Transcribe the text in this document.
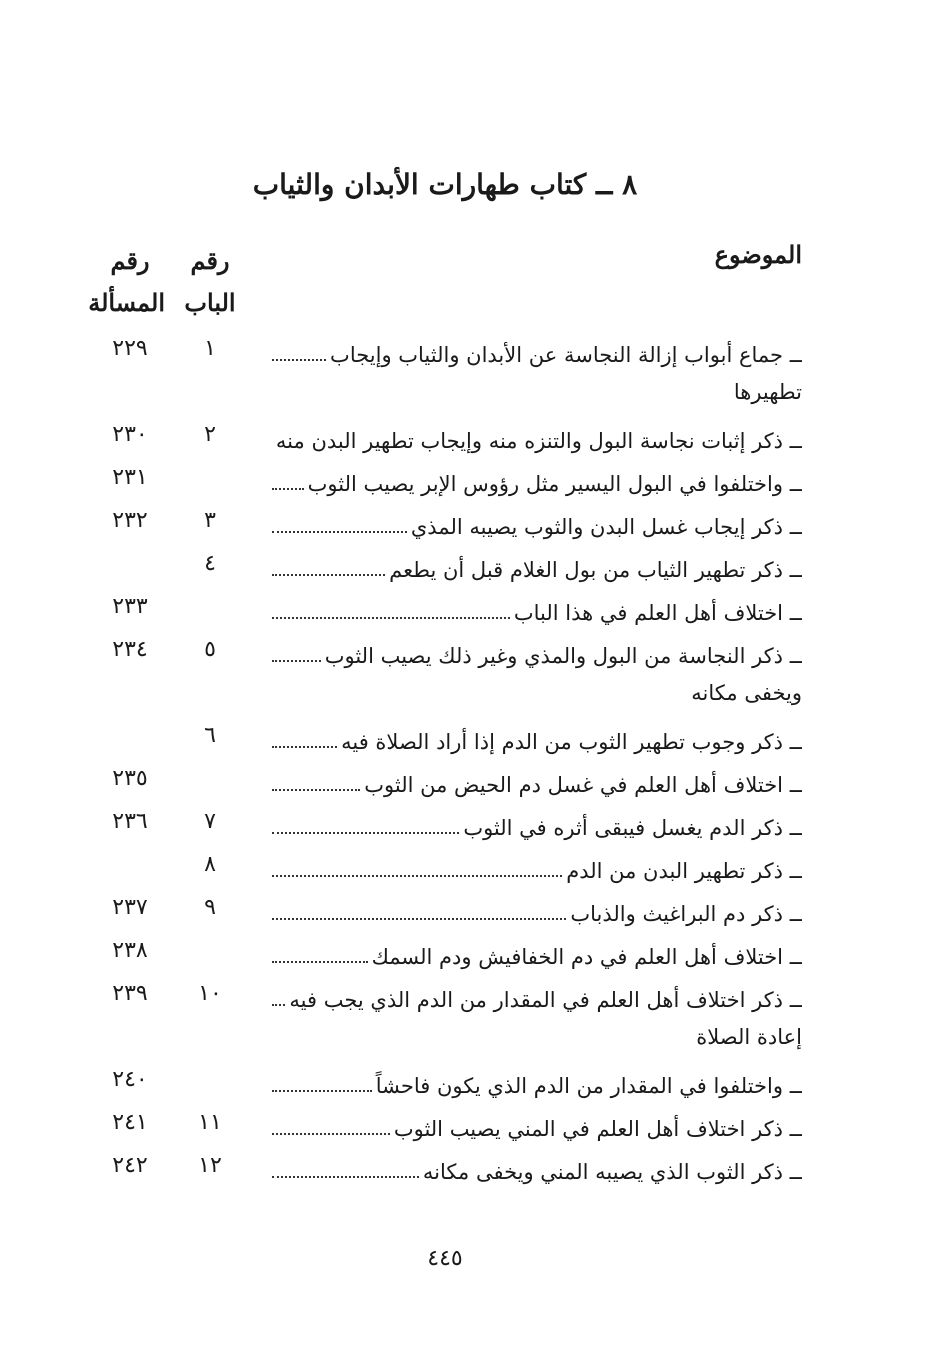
٨ ــ كتاب طهارات الأبدان والثياب
الموضوع
رقم
الباب
رقم
المسألة
ــ جماع أبواب إزالة النجاسة عن الأبدان والثياب وإيجاب
١
٢٢٩
تطهيرها
ــ ذكر إثبات نجاسة البول والتنزه منه وإيجاب تطهير البدن منه
٢
٢٣٠
ــ واختلفوا في البول اليسير مثل رؤوس الإبر يصيب الثوب
٢٣١
ــ ذكر إيجاب غسل البدن والثوب يصيبه المذي
٣
٢٣٢
ــ ذكر تطهير الثياب من بول الغلام قبل أن يطعم
٤
ــ اختلاف أهل العلم في هذا الباب
٢٣٣
ــ ذكر النجاسة من البول والمذي وغير ذلك يصيب الثوب
٥
٢٣٤
ويخفى مكانه
ــ ذكر وجوب تطهير الثوب من الدم إذا أراد الصلاة فيه
٦
ــ اختلاف أهل العلم في غسل دم الحيض من الثوب
٢٣٥
ــ ذكر الدم يغسل فيبقى أثره في الثوب
٧
٢٣٦
ــ ذكر تطهير البدن من الدم
٨
ــ ذكر دم البراغيث والذباب
٩
٢٣٧
ــ اختلاف أهل العلم في دم الخفافيش ودم السمك
٢٣٨
ــ ذكر اختلاف أهل العلم في المقدار من الدم الذي يجب فيه
١٠
٢٣٩
إعادة الصلاة
ــ واختلفوا في المقدار من الدم الذي يكون فاحشاً
٢٤٠
ــ ذكر اختلاف أهل العلم في المني يصيب الثوب
١١
٢٤١
ــ ذكر الثوب الذي يصيبه المني ويخفى مكانه
١٢
٢٤٢
٤٤٥
